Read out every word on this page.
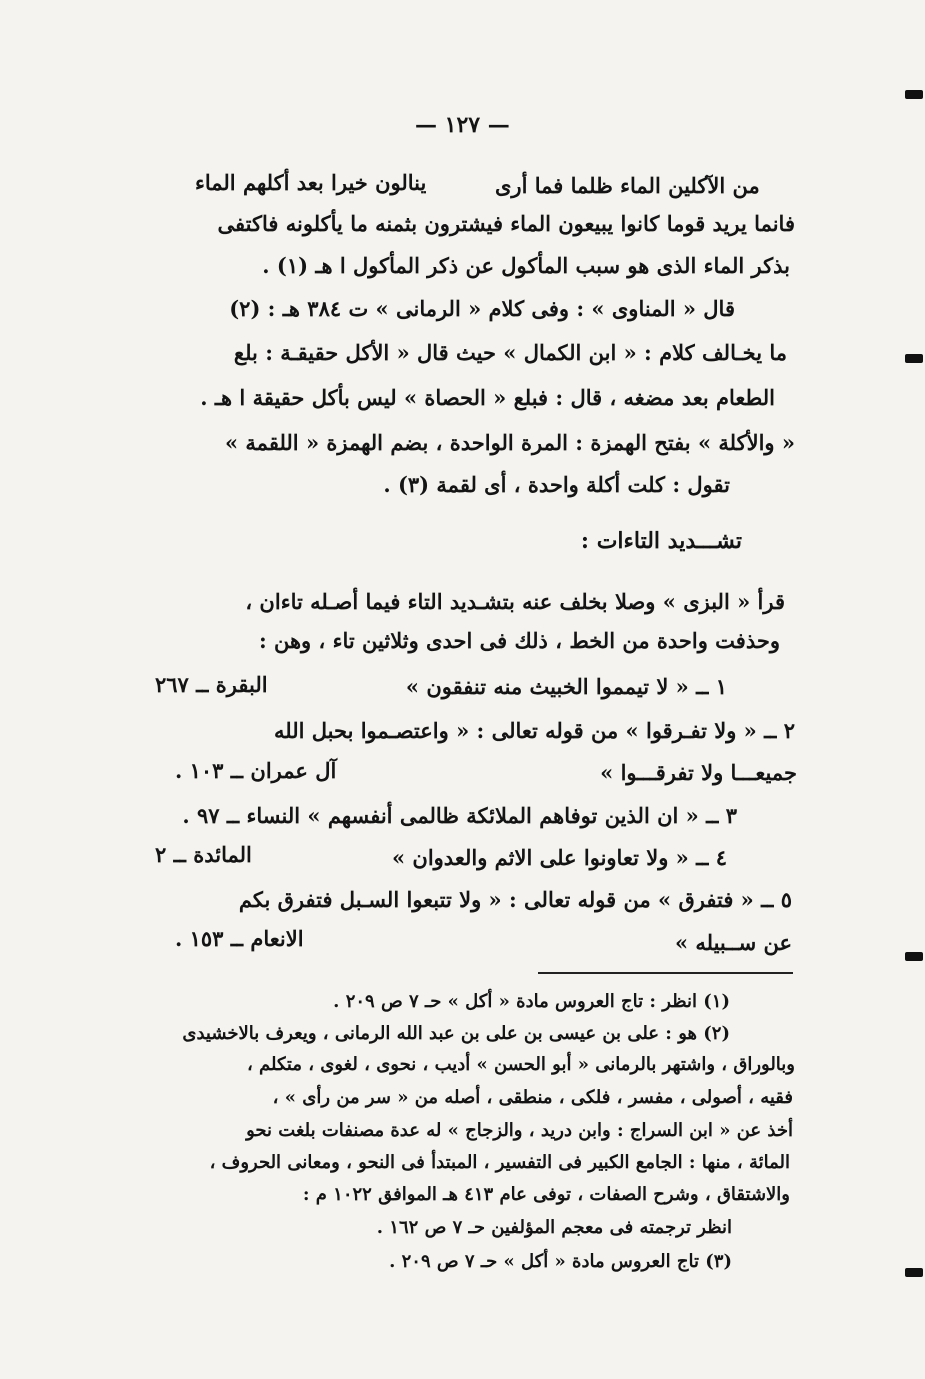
— ١٢٧ —
ينالون خيرا بعد أكلهم الماء	من الآكلين الماء ظلما فما أرى
فانما يريد قوما كانوا يبيعون الماء فيشترون بثمنه ما يأكلونه فاكتفى
بذكر الماء الذى هو سبب المأكول عن ذكر المأكول ا هـ (١) .
قال « المناوى » : وفى كلام « الرمانى » ت ٣٨٤ هـ : (٢)
ما يخـالف كلام : « ابن الكمال » حيث قال « الأكل حقيقـة : بلع
الطعام بعد مضغه ، قال : فبلع « الحصاة » ليس بأكل حقيقة ا هـ .
« والأكلة » بفتح الهمزة : المرة الواحدة ، بضم الهمزة « اللقمة »
تقول : كلت أكلة واحدة ، أى لقمة (٣) .
تشـــديد التاءات :
قرأ « البزى » وصلا بخلف عنه بتشـديد التاء فيما أصـله تاءان ،
وحذفت واحدة من الخط ، ذلك فى احدى وثلاثين تاء ، وهن :
١ ــ « لا تيمموا الخبيث منه تنفقون »
البقرة ــ ٢٦٧
٢ ــ « ولا تفـرقوا » من قوله تعالى : « واعتصـموا بحبل الله
جميعـــا ولا تفرقـــوا »
آل عمران ــ ١٠٣ .
٣ ــ « ان الذين توفاهم الملائكة ظالمى أنفسهم » النساء ــ ٩٧ .
٤ ــ « ولا تعاونوا على الاثم والعدوان »
المائدة ــ ٢
٥ ــ « فتفرق » من قوله تعالى : « ولا تتبعوا السـبل فتفرق بكم
عن ســبيله »
الانعام ــ ١٥٣ .
(١) انظر : تاج العروس مادة « أكل » حـ ٧ ص ٢٠٩ .
(٢) هو : على بن عيسى بن على بن عبد الله الرمانى ، ويعرف بالاخشيدى
وبالوراق ، واشتهر بالرمانى « أبو الحسن » أديب ، نحوى ، لغوى ، متكلم ،
فقيه ، أصولى ، مفسر ، فلكى ، منطقى ، أصله من « سر من رأى » ،
أخذ عن « ابن السراج : وابن دريد ، والزجاج » له عدة مصنفات بلغت نحو
المائة ، منها : الجامع الكبير فى التفسير ، المبتدأ فى النحو ، ومعانى الحروف ،
والاشتقاق ، وشرح الصفات ، توفى عام ٤١٣ هـ الموافق ١٠٢٢ م :
انظر ترجمته فى معجم المؤلفين حـ ٧ ص ١٦٢ .
(٣) تاج العروس مادة « أكل » حـ ٧ ص ٢٠٩ .
